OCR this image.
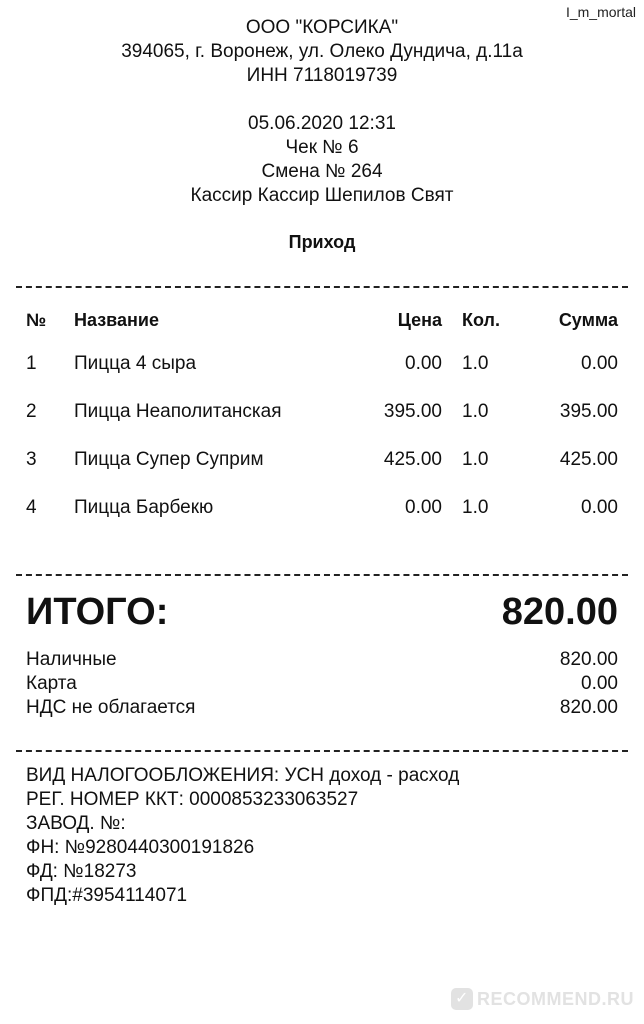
I_m_mortal
ООО "КОРСИКА"
394065, г. Воронеж, ул. Олеко Дундича, д.11а
ИНН 7118019739
05.06.2020 12:31
Чек № 6
Смена № 264
Кассир Кассир Шепилов Свят
Приход
№ Название	Цена Кол.	Сумма
1 Пицца 4 сыра	0.00 1.0	0.00
2 Пицца Неаполитанская	395.00 1.0	395.00
3 Пицца Супер Суприм	425.00 1.0	425.00
4 Пицца Барбекю	0.00 1.0	0.00
ИТОГО:	820.00
Наличные	820.00
Карта	0.00
НДС не облагается	820.00
ВИД НАЛОГООБЛОЖЕНИЯ: УСН доход - расход
РЕГ. НОМЕР ККТ: 0000853233063527
ЗАВОД. №:
ФН: №9280440300191826
ФД: №18273
ФПД:#3954114071
✓ RECOMMEND.RU
